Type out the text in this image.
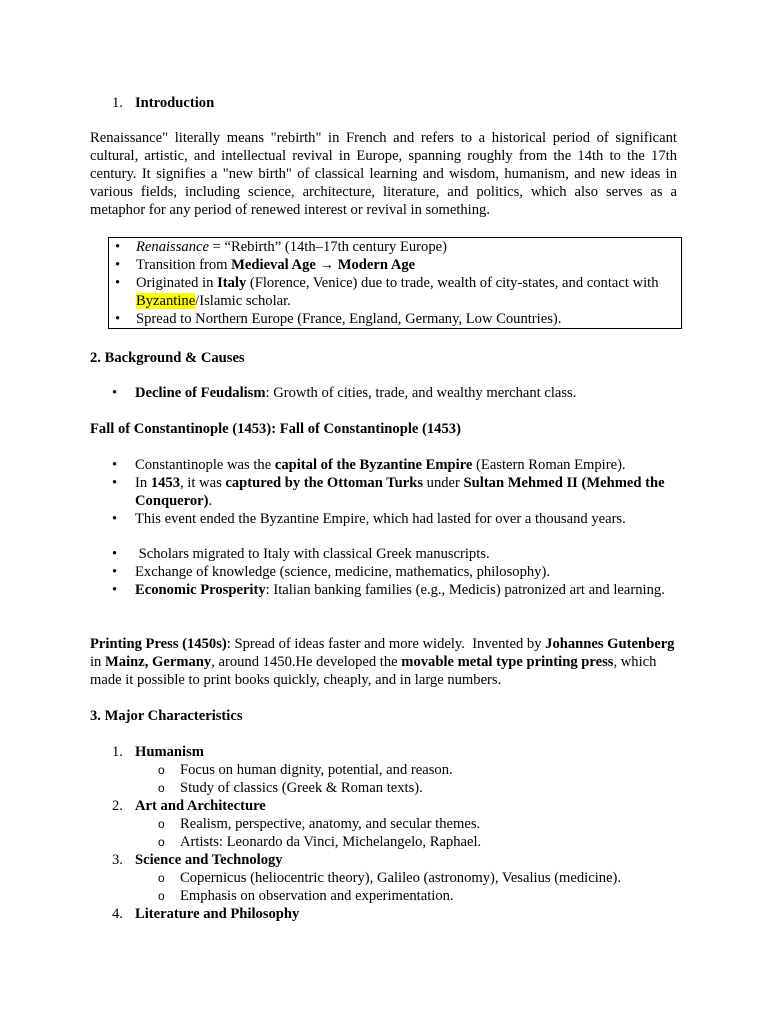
1. Introduction

Renaissance" literally means "rebirth" in French and refers to a historical period of significant cultural, artistic, and intellectual revival in Europe, spanning roughly from the 14th to the 17th century. It signifies a "new birth" of classical learning and wisdom, humanism, and new ideas in various fields, including science, architecture, literature, and politics, which also serves as a metaphor for any period of renewed interest or revival in something.

• Renaissance = “Rebirth” (14th–17th century Europe)
• Transition from Medieval Age → Modern Age
• Originated in Italy (Florence, Venice) due to trade, wealth of city-states, and contact with Byzantine/Islamic scholar.
• Spread to Northern Europe (France, England, Germany, Low Countries).

2. Background & Causes

• Decline of Feudalism: Growth of cities, trade, and wealthy merchant class.

Fall of Constantinople (1453): Fall of Constantinople (1453)

• Constantinople was the capital of the Byzantine Empire (Eastern Roman Empire).
• In 1453, it was captured by the Ottoman Turks under Sultan Mehmed II (Mehmed the Conqueror).
• This event ended the Byzantine Empire, which had lasted for over a thousand years.
• Scholars migrated to Italy with classical Greek manuscripts.
• Exchange of knowledge (science, medicine, mathematics, philosophy).
• Economic Prosperity: Italian banking families (e.g., Medicis) patronized art and learning.

Printing Press (1450s): Spread of ideas faster and more widely.  Invented by Johannes Gutenberg in Mainz, Germany, around 1450.He developed the movable metal type printing press, which made it possible to print books quickly, cheaply, and in large numbers.

3. Major Characteristics

1. Humanism
o Focus on human dignity, potential, and reason.
o Study of classics (Greek & Roman texts).
2. Art and Architecture
o Realism, perspective, anatomy, and secular themes.
o Artists: Leonardo da Vinci, Michelangelo, Raphael.
3. Science and Technology
o Copernicus (heliocentric theory), Galileo (astronomy), Vesalius (medicine).
o Emphasis on observation and experimentation.
4. Literature and Philosophy
